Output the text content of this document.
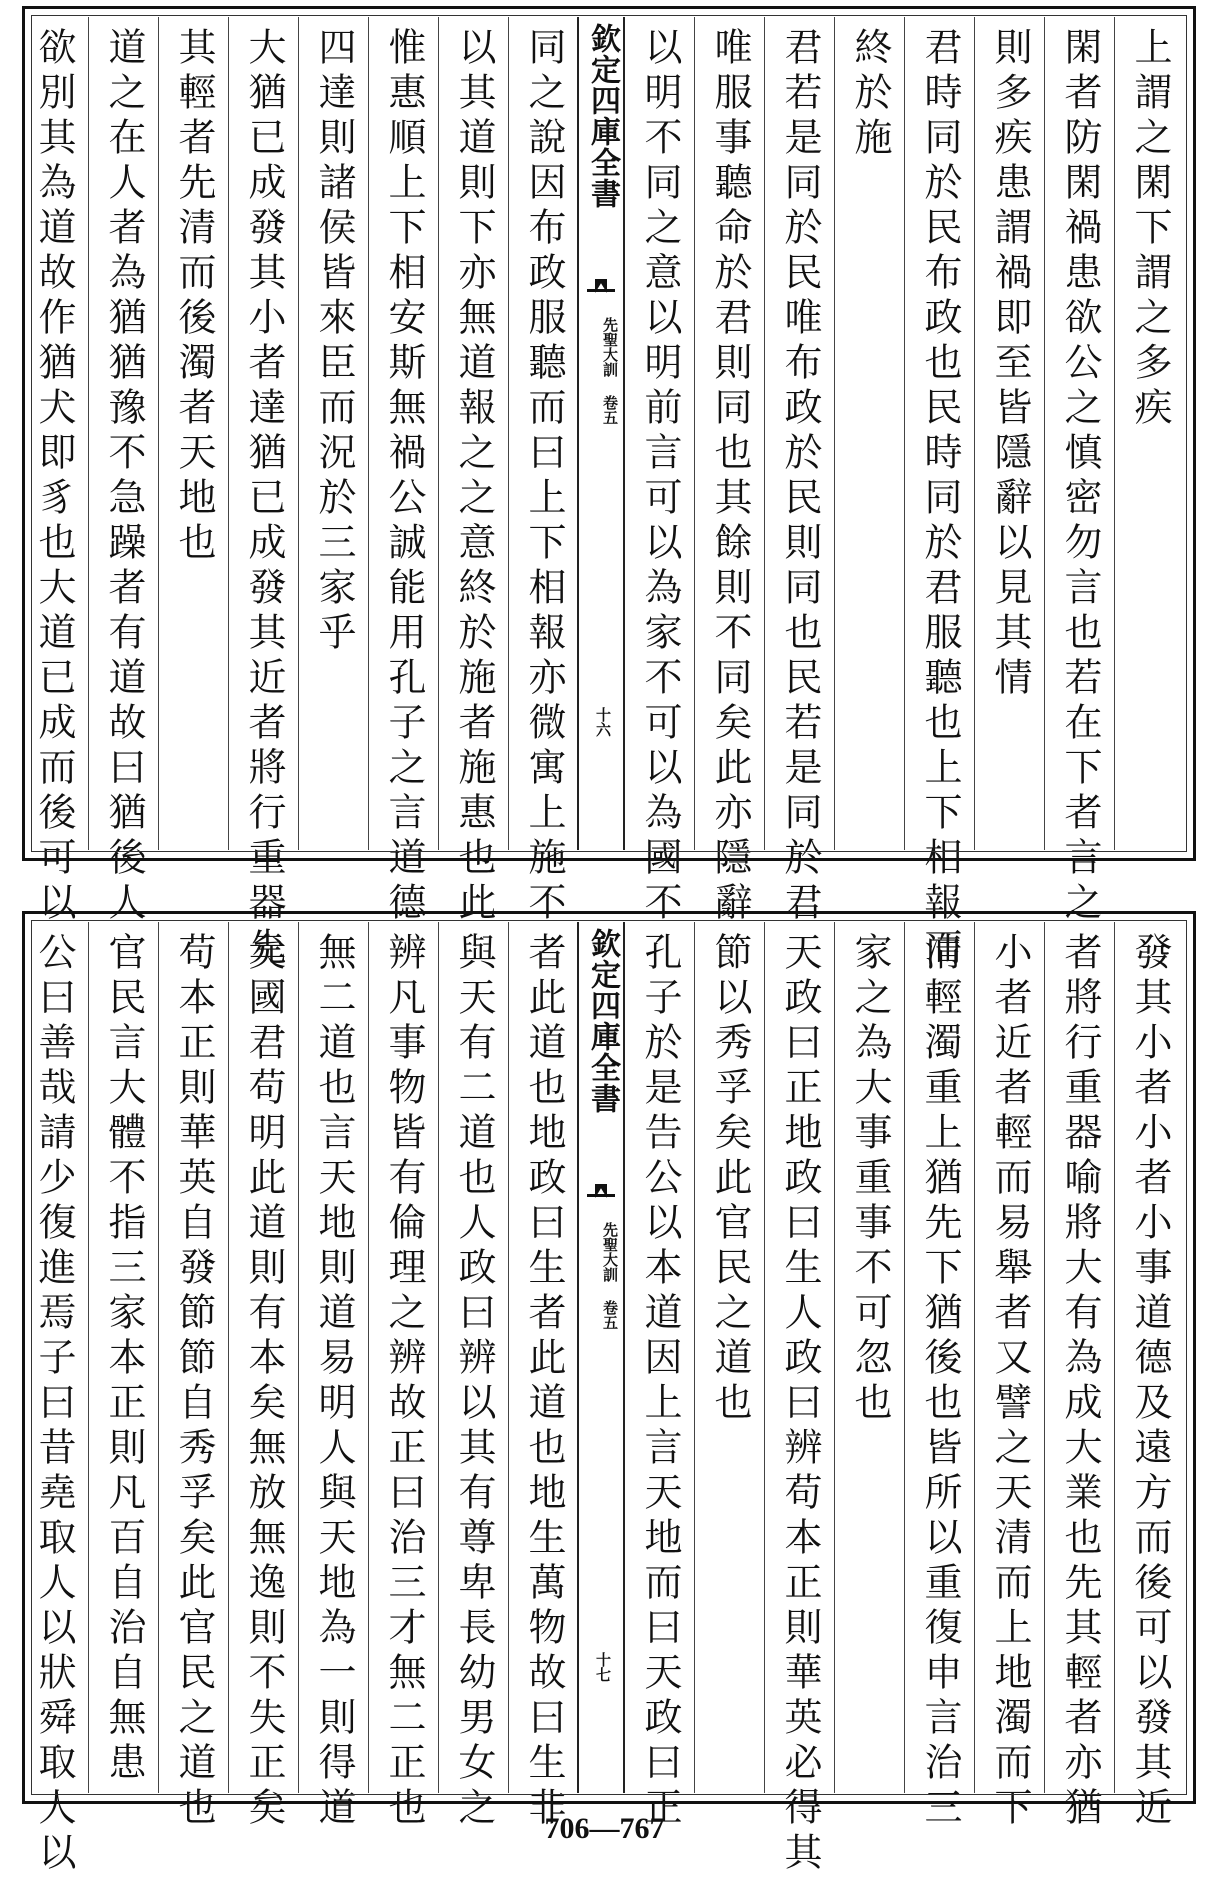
上謂之閑下謂之多疾
閑者防閑禍患欲公之慎密勿言也若在下者言之
則多疾患謂禍即至皆隱辭以見其情
君時同於民布政也民時同於君服聽也上下相報而
終於施
君若是同於民唯布政於民則同也民若是同於君
唯服事聽命於君則同也其餘則不同矣此亦隱辭
以明不同之意以明前言可以為家不可以為國不
欽定四庫全書
先聖大訓 卷五
十六
同之說因布政服聽而曰上下相報亦微寓上施不
以其道則下亦無道報之之意終於施者施惠也此
惟惠順上下相安斯無禍公誠能用孔子之言道德
四達則諸侯皆來臣而況於三家乎
大猶已成發其小者達猶已成發其近者將行重器先
其輕者先清而後濁者天地也
道之在人者為猶猶豫不急躁者有道故曰猶後人
欲別其為道故作猶犬即豸也大道已成而後可以
發其小者小者小事道德及遠方而後可以發其近
者將行重器喻將大有為成大業也先其輕者亦猶
小者近者輕而易舉者又譬之天清而上地濁而下
清輕濁重上猶先下猶後也皆所以重復申言治三
家之為大事重事不可忽也
天政曰正地政曰生人政曰辨苟本正則華英必得其
節以秀孚矣此官民之道也
孔子於是告公以本道因上言天地而曰天政曰正
欽定四庫全書
先聖大訓 卷五
十七
者此道也地政曰生者此道也地生萬物故曰生非
與天有二道也人政曰辨以其有尊卑長幼男女之
辨凡事物皆有倫理之辨故正曰治三才無二正也
無二道也言天地則道易明人與天地為一則得道
矣國君苟明此道則有本矣無放無逸則不失正矣
苟本正則華英自發節節自秀孚矣此官民之道也
官民言大體不指三家本正則凡百自治自無患
公曰善哉請少復進焉子曰昔堯取人以狀舜取人以	706—767
